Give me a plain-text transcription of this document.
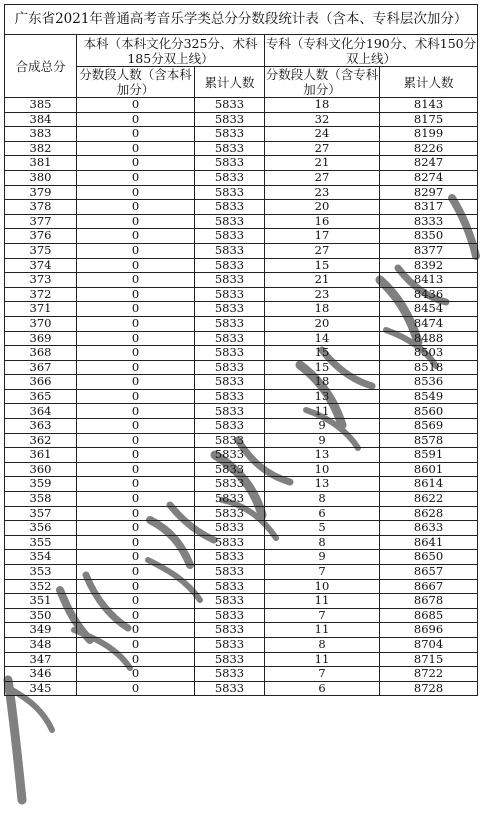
广东省2021年普通高考音乐学类总分分数段统计表（含本、专科层次加分）				
合成总分	本科（本科文化分325分、术科185分双上线）		专科（专科文化分190分、术科150分双上线）	
	分数段人数（含本科加分）	累计人数	分数段人数（含专科加分）	累计人数
385	0	5833	18	8143
384	0	5833	32	8175
383	0	5833	24	8199
382	0	5833	27	8226
381	0	5833	21	8247
380	0	5833	27	8274
379	0	5833	23	8297
378	0	5833	20	8317
377	0	5833	16	8333
376	0	5833	17	8350
375	0	5833	27	8377
374	0	5833	15	8392
373	0	5833	21	8413
372	0	5833	23	8436
371	0	5833	18	8454
370	0	5833	20	8474
369	0	5833	14	8488
368	0	5833	15	8503
367	0	5833	15	8518
366	0	5833	18	8536
365	0	5833	13	8549
364	0	5833	11	8560
363	0	5833	9	8569
362	0	5833	9	8578
361	0	5833	13	8591
360	0	5833	10	8601
359	0	5833	13	8614
358	0	5833	8	8622
357	0	5833	6	8628
356	0	5833	5	8633
355	0	5833	8	8641
354	0	5833	9	8650
353	0	5833	7	8657
352	0	5833	10	8667
351	0	5833	11	8678
350	0	5833	7	8685
349	0	5833	11	8696
348	0	5833	8	8704
347	0	5833	11	8715
346	0	5833	7	8722
345	0	5833	6	8728
